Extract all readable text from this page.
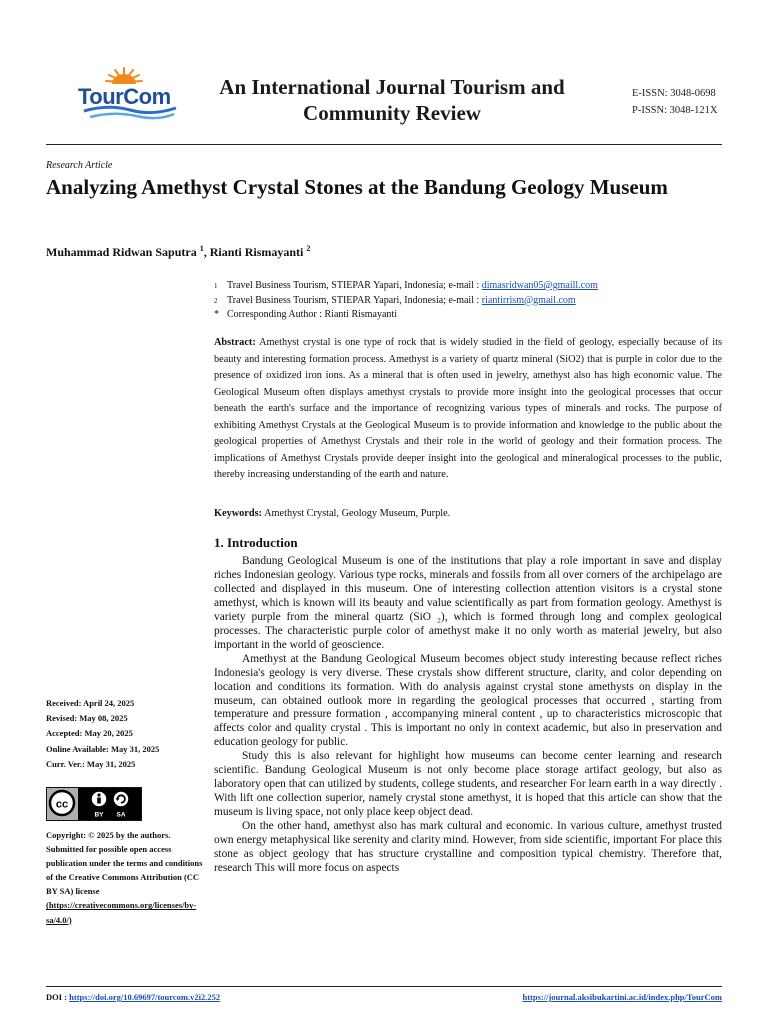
TourCom	An International Journal Tourism and Community Review
E-ISSN: 3048-0698
P-ISSN: 3048-121X
Research Article
Analyzing Amethyst Crystal Stones at the Bandung Geology Museum
Muhammad Ridwan Saputra $^1$, Rianti Rismayanti $^2$
1 Travel Business Tourism, STIEPAR Yapari, Indonesia; e-mail :
dimasridwan05@gmaill.com
2 Travel Business Tourism, STIEPAR Yapari, Indonesia; e-mail :
riantirrism@gmail.com
* Corresponding Author : Rianti Rismayanti
Abstract: Amethyst crystal is one type of rock that is widely studied in the field of geology, especially because of its beauty and interesting formation process. Amethyst is a variety of quartz mineral (SiO2) that is purple in color due to the presence of oxidized iron ions. As a mineral that is often used in jewelry, amethyst also has high economic value. The Geological Museum often displays amethyst crystals to provide more insight into the geological processes that occur beneath the earth's surface and the importance of recognizing various types of minerals and rocks. The purpose of exhibiting Amethyst Crystals at the Geological Museum is to provide information and knowledge to the public about the geological properties of Amethyst Crystals and their role in the world of geology and their formation process. The implications of Amethyst Crystals provide deeper insight into the geological and mineralogical processes to the public, thereby increasing understanding of the earth and nature.
Keywords: Amethyst Crystal, Geology Museum, Purple.
1. Introduction

Bandung Geological Museum is one of the institutions that play a role important in save and display riches Indonesian geology. Various type rocks, minerals and fossils from all over corners of the archipelago are collected and displayed in this museum. One of interesting collection attention visitors is a crystal stone amethyst, which is known will its beauty and value scientifically as part from formation geology. Amethyst is variety purple from the mineral quartz (SiO ₂), which is formed through long and complex geological processes. The characteristic purple color of amethyst make it no only worth as material jewelry, but also important in the world of geoscience.

Amethyst at the Bandung Geological Museum becomes object study interesting because reflect riches Indonesia's geology is very diverse. These crystals show different structure, clarity, and color depending on location and conditions its formation. With do analysis against crystal stone amethysts on display in the museum, can obtained outlook more in regarding the geological processes that occurred , starting from temperature and pressure formation , accompanying mineral content , up to characteristics microscopic that affects color and quality crystal . This is important no only in context academic, but also in preservation and education geology for public.

Study this is also relevant for highlight how museums can become center learning and research scientific. Bandung Geological Museum is not only become place storage artifact geology, but also as laboratory open that can utilized by students, college students, and researcher For learn earth in a way directly . With lift one collection superior, namely crystal stone amethyst, it is hoped that this article can show that the museum is living space, not only place keep object dead.

On the other hand, amethyst also has mark cultural and economic. In various culture, amethyst trusted own energy metaphysical like serenity and clarity mind. However, from side scientific, important For place this stone as object geology that has structure crystalline and composition typical chemistry. Therefore that, research This will more focus on aspects

Received: April 24, 2025
Revised: May 08, 2025
Accepted: May 20, 2025
Online Available: May 31, 2025
Curr. Ver.: May 31, 2025
cc
BY SA
Copyright: © 2025 by the authors. Submitted for possible open access publication under the terms and conditions of the Creative Commons Attribution (CC BY SA) license (https://creativecommons.org/licenses/by-sa/4.0/)
DOI : https://doi.org/10.69697/tourcom.v2i2.252	https://journal.aksibukartini.ac.id/index.php/TourCom
